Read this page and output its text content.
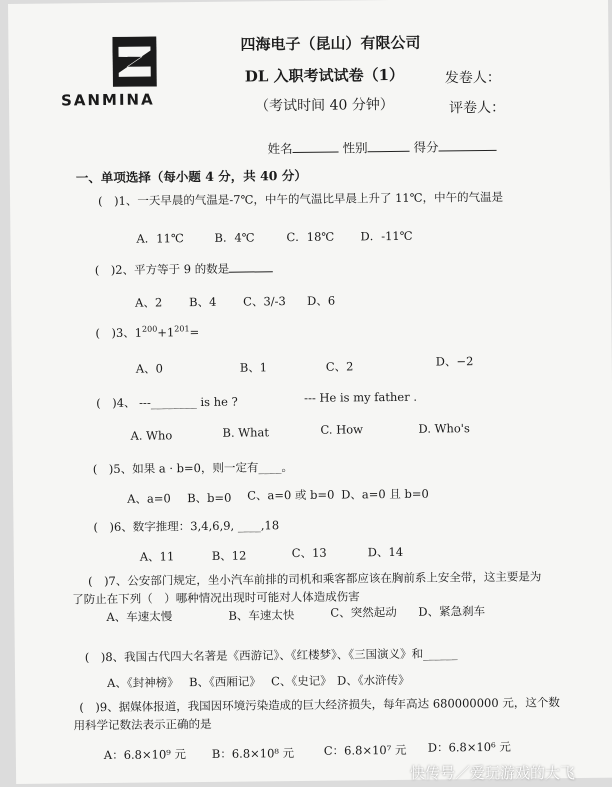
SANMINA
四海电子（昆山）有限公司
DL 入职考试试卷（1）
（考试时间 40 分钟）
发卷人：
评卷人：
姓名	性别	得分
一、单项选择（每小题 4 分，共 40 分）
(　)1、一天早晨的气温是-7℃，中午的气温比早晨上升了 11℃，中午的气温是
A．11℃	B．4℃	C．18℃ D．-11℃
(　)2、平方等于 9 的数是
A、2 B、4 C、3/-3 D、6
(　)3、$1^{200}+1^{201}=$
A、0	B、1	C、2	D、−2
(　)4、 ---________ is he ?	--- He is my father .
A. Who	B. What	C. How	D. Who's
(　)5、如果 a · b=0，则一定有____。
A、a=0 B、b=0 C、a=0 或 b=0 D、a=0 且 b=0
(　)6、数字推理：3,4,6,9, ____,18
A、11	B、12	C、13	D、14
(　)7、公安部门规定，坐小汽车前排的司机和乘客都应该在胸前系上安全带，这主要是为
了防止在下列（　）哪种情况出现时可能对人体造成伤害
A、车速太慢	B、车速太快	C、突然起动 D、紧急刹车
(　)8、我国古代四大名著是《西游记》、《红楼梦》、《三国演义》和______
A、《封神榜》 B、《西厢记》 C、《史记》 D、《水浒传》
(　)9、据媒体报道，我国因环境污染造成的巨大经济损失，每年高达 680000000 元，这个数
用科学记数法表示正确的是
A：6.8×10⁹ 元 B：6.8×10⁸ 元	C：6.8×10⁷ 元 D：6.8×10⁶ 元
快传号／爱玩游戏的大飞
